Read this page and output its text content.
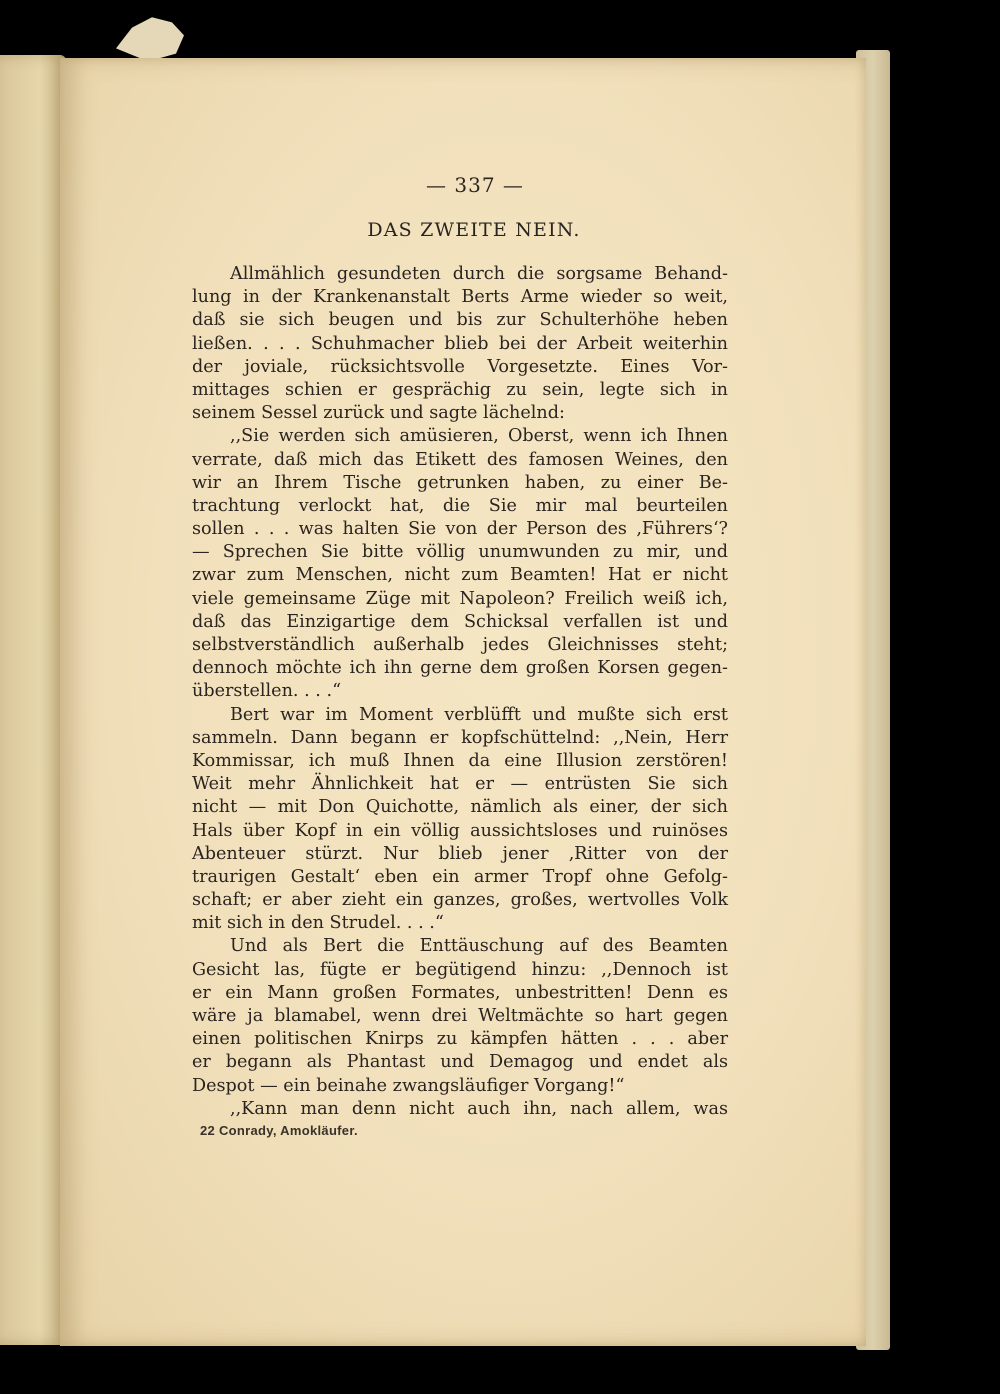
— 337 —
DAS ZWEITE NEIN.
Allmählich gesundeten durch die sorgsame Behand-
lung in der Krankenanstalt Berts Arme wieder so weit,
daß sie sich beugen und bis zur Schulterhöhe heben
ließen. . . . Schuhmacher blieb bei der Arbeit weiterhin
der joviale, rücksichtsvolle Vorgesetzte. Eines Vor-
mittages schien er gesprächig zu sein, legte sich in
seinem Sessel zurück und sagte lächelnd:
,,Sie werden sich amüsieren, Oberst, wenn ich Ihnen
verrate, daß mich das Etikett des famosen Weines, den
wir an Ihrem Tische getrunken haben, zu einer Be-
trachtung verlockt hat, die Sie mir mal beurteilen
sollen . . . was halten Sie von der Person des ‚Führers‘?
— Sprechen Sie bitte völlig unumwunden zu mir, und
zwar zum Menschen, nicht zum Beamten! Hat er nicht
viele gemeinsame Züge mit Napoleon? Freilich weiß ich,
daß das Einzigartige dem Schicksal verfallen ist und
selbstverständlich außerhalb jedes Gleichnisses steht;
dennoch möchte ich ihn gerne dem großen Korsen gegen-
überstellen. . . .“
Bert war im Moment verblüfft und mußte sich erst
sammeln. Dann begann er kopfschüttelnd: ,,Nein, Herr
Kommissar, ich muß Ihnen da eine Illusion zerstören!
Weit mehr Ähnlichkeit hat er — entrüsten Sie sich
nicht — mit Don Quichotte, nämlich als einer, der sich
Hals über Kopf in ein völlig aussichtsloses und ruinöses
Abenteuer stürzt. Nur blieb jener ‚Ritter von der
traurigen Gestalt‘ eben ein armer Tropf ohne Gefolg-
schaft; er aber zieht ein ganzes, großes, wertvolles Volk
mit sich in den Strudel. . . .“
Und als Bert die Enttäuschung auf des Beamten
Gesicht las, fügte er begütigend hinzu: ,,Dennoch ist
er ein Mann großen Formates, unbestritten! Denn es
wäre ja blamabel, wenn drei Weltmächte so hart gegen
einen politischen Knirps zu kämpfen hätten . . . aber
er begann als Phantast und Demagog und endet als
Despot — ein beinahe zwangsläufiger Vorgang!“
,,Kann man denn nicht auch ihn, nach allem, was
22 Conrady, Amokläufer.
